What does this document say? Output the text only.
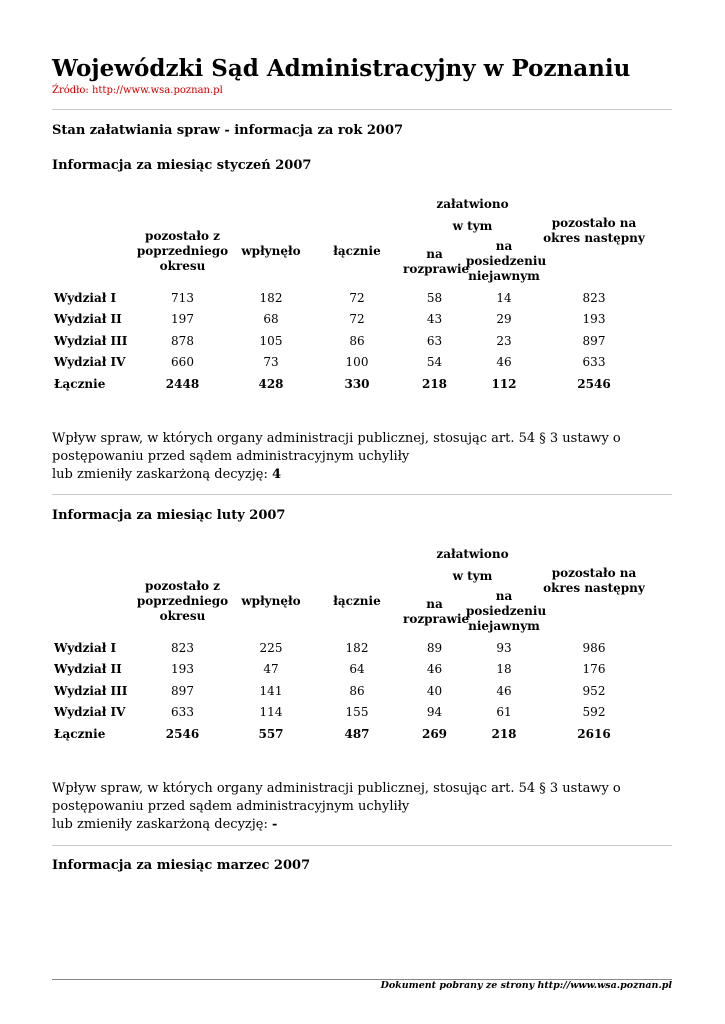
Wojewódzki Sąd Administracyjny w Poznaniu
Źródło: http://www.wsa.poznan.pl
Stan załatwiania spraw - informacja za rok 2007
Informacja za miesiąc styczeń 2007
				załatwiono		
	pozostało z poprzedniego okresu	wpłynęło	łącznie	w tym		pozostało na okres następny
				na rozprawie	na posiedzeniu niejawnym	
Wydział I	713	182	72	58	14	823
Wydział II	197	68	72	43	29	193
Wydział III	878	105	86	63	23	897
Wydział IV	660	73	100	54	46	633
Łącznie	2448	428	330	218	112	2546
Wpływ spraw, w których organy administracji publicznej, stosując art. 54 § 3 ustawy o postępowaniu przed sądem administracyjnym uchyliły
lub zmieniły zaskarżoną decyzję: 4
Informacja za miesiąc luty 2007
				załatwiono		
	pozostało z poprzedniego okresu	wpłynęło	łącznie	w tym		pozostało na okres następny
				na rozprawie	na posiedzeniu niejawnym	
Wydział I	823	225	182	89	93	986
Wydział II	193	47	64	46	18	176
Wydział III	897	141	86	40	46	952
Wydział IV	633	114	155	94	61	592
Łącznie	2546	557	487	269	218	2616
Wpływ spraw, w których organy administracji publicznej, stosując art. 54 § 3 ustawy o postępowaniu przed sądem administracyjnym uchyliły
lub zmieniły zaskarżoną decyzję: -
Informacja za miesiąc marzec 2007
Dokument pobrany ze strony http://www.wsa.poznan.pl
